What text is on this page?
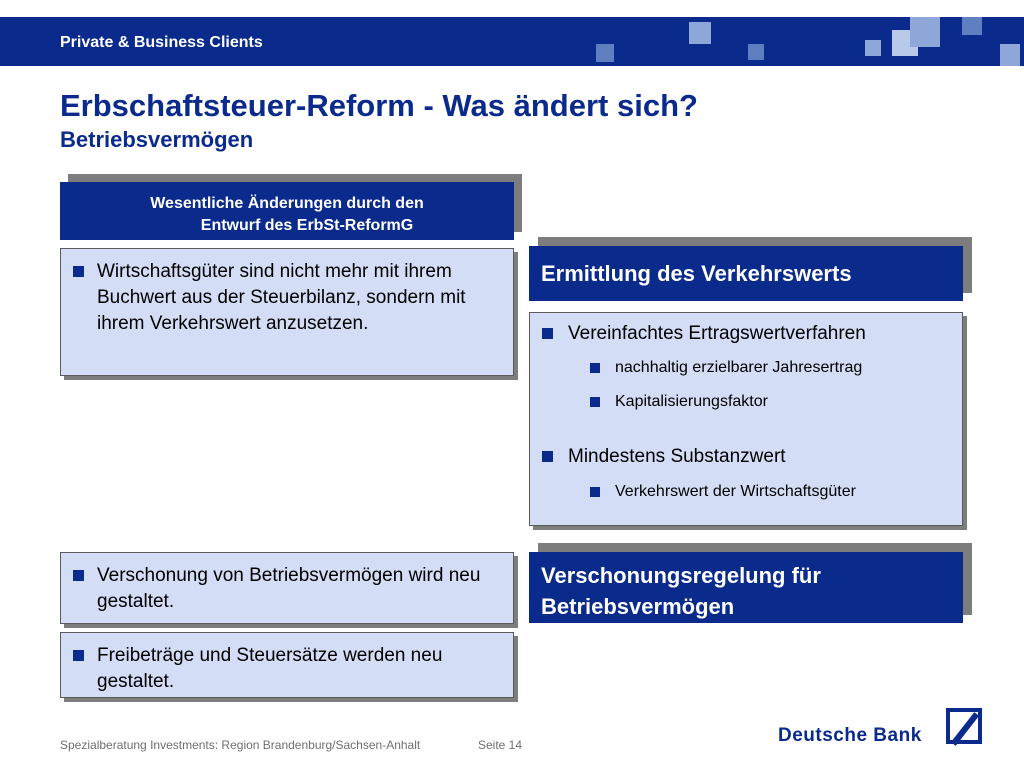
Private & Business Clients
Erbschaftsteuer-Reform - Was ändert sich?
Betriebsvermögen
Wesentliche Änderungen durch den
Entwurf des ErbSt-ReformG
Wirtschaftsgüter sind nicht mehr mit ihrem Buchwert aus der Steuerbilanz, sondern mit ihrem Verkehrswert anzusetzen.
Verschonung von Betriebsvermögen wird neu gestaltet.
Freibeträge und Steuersätze werden neu gestaltet.
Ermittlung des Verkehrswerts
Vereinfachtes Ertragswertverfahren
nachhaltig erzielbarer Jahresertrag
Kapitalisierungsfaktor
Mindestens Substanzwert
Verkehrswert der Wirtschaftsgüter
Verschonungsregelung für Betriebsvermögen
Spezialberatung Investments: Region Brandenburg/Sachsen-Anhalt	Seite 14	Deutsche Bank
